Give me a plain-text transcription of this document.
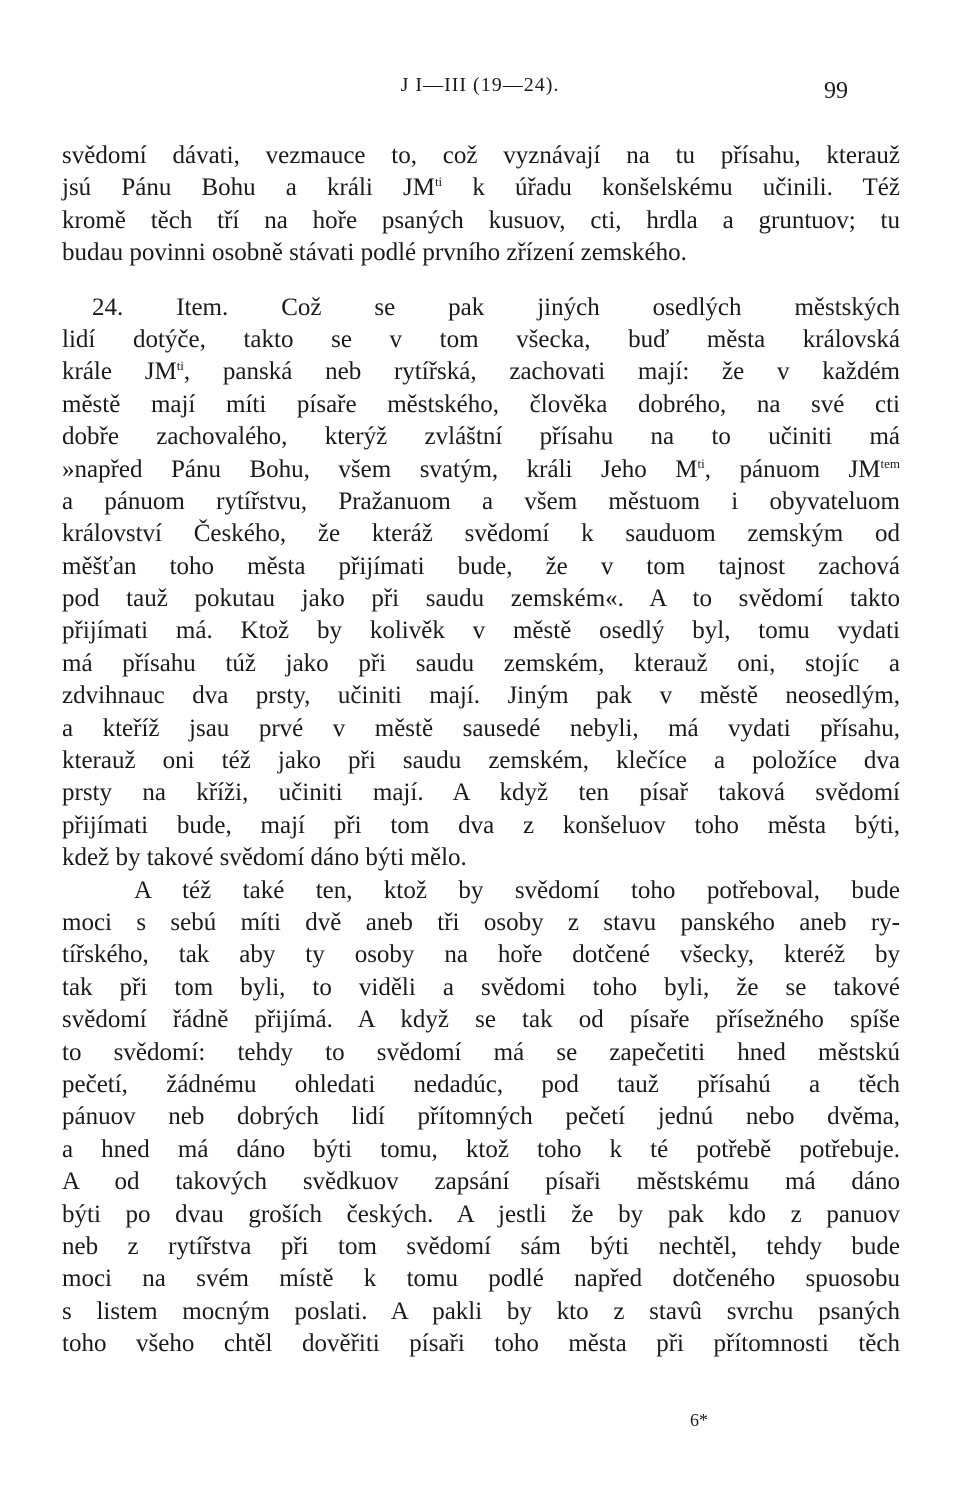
J I—III (19—24).	99
svědomí dávati, vezmauce to, což vyznávají na tu přísahu, kterauž
jsú Pánu Bohu a králi $JM^{ti}$ k úřadu konšelskému učinili. Též
kromě těch tří na hoře psaných kusuov, cti, hrdla a gruntuov; tu
budau povinni osobně stávati podlé prvního zřízení zemského.
24. Item. Což se pak jiných osedlých městských
lidí dotýče, takto se v tom všecka, buď města královská
krále $JM^{ti}$, panská neb rytířská, zachovati mají: že v každém
městě mají míti písaře městského, člověka dobrého, na své cti
dobře zachovalého, kterýž zvláštní přísahu na to učiniti má
»napřed Pánu Bohu, všem svatým, králi Jeho $M^{ti}$, pánuom $JM^{tem}$
a pánuom rytířstvu, Pražanuom a všem městuom i obyvateluom
království Českého, že kteráž svědomí k sauduom zemským od
měšťan toho města přijímati bude, že v tom tajnost zachová
pod tauž pokutau jako při saudu zemském«. A to svědomí takto
přijímati má. Ktož by kolivěk v městě osedlý byl, tomu vydati
má přísahu túž jako při saudu zemském, kterauž oni, stojíc a
zdvihnauc dva prsty, učiniti mají. Jiným pak v městě neosedlým,
a kteříž jsau prvé v městě sausedé nebyli, má vydati přísahu,
kterauž oni též jako při saudu zemském, klečíce a položíce dva
prsty na kříži, učiniti mají. A když ten písař taková svědomí
přijímati bude, mají při tom dva z konšeluov toho města býti,
kdež by takové svědomí dáno býti mělo.
A též také ten, ktož by svědomí toho potřeboval, bude
moci s sebú míti dvě aneb tři osoby z stavu panského aneb ry-
tířského, tak aby ty osoby na hoře dotčené všecky, kteréž by
tak při tom byli, to viděli a svědomi toho byli, že se takové
svědomí řádně přijímá. A když se tak od písaře přísežného spíše
to svědomí: tehdy to svědomí má se zapečetiti hned městskú
pečetí, žádnému ohledati nedadúc, pod tauž přísahú a těch
pánuov neb dobrých lidí přítomných pečetí jednú nebo dvěma,
a hned má dáno býti tomu, ktož toho k té potřebě potřebuje.
A od takových svědkuov zapsání písaři městskému má dáno
býti po dvau groších českých. A jestli že by pak kdo z panuov
neb z rytířstva při tom svědomí sám býti nechtěl, tehdy bude
moci na svém místě k tomu podlé napřed dotčeného spuosobu
s listem mocným poslati. A pakli by kto z stavû svrchu psaných
toho všeho chtěl dověřiti písaři toho města při přítomnosti těch
6*
